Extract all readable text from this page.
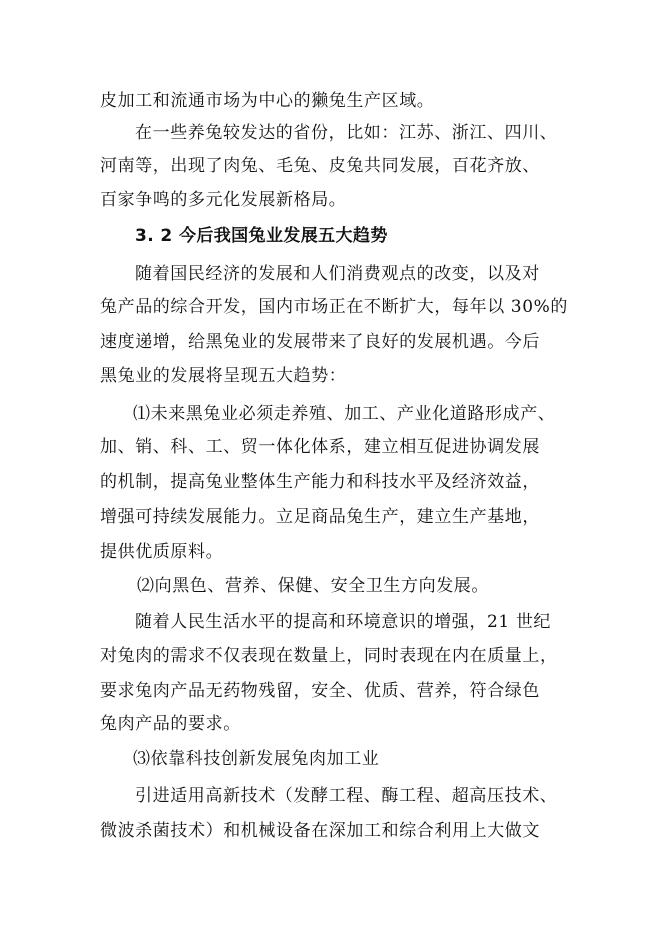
皮加工和流通市场为中心的獭兔生产区域。
在一些养兔较发达的省份，比如：江苏、浙江、四川、
河南等，出现了肉兔、毛兔、皮兔共同发展，百花齐放、
百家争鸣的多元化发展新格局。
3. 2 今后我国兔业发展五大趋势
随着国民经济的发展和人们消费观点的改变，以及对
兔产品的综合开发，国内市场正在不断扩大，每年以 30%的
速度递增，给黑兔业的发展带来了良好的发展机遇。今后
黑兔业的发展将呈现五大趋势：
⑴未来黑兔业必须走养殖、加工、产业化道路形成产、
加、销、科、工、贸一体化体系，建立相互促进协调发展
的机制，提高兔业整体生产能力和科技水平及经济效益，
增强可持续发展能力。立足商品兔生产，建立生产基地，
提供优质原料。
⑵向黑色、营养、保健、安全卫生方向发展。
随着人民生活水平的提高和环境意识的增强，21 世纪
对兔肉的需求不仅表现在数量上，同时表现在内在质量上，
要求兔肉产品无药物残留，安全、优质、营养，符合绿色
兔肉产品的要求。
⑶依靠科技创新发展兔肉加工业
引进适用高新技术（发酵工程、酶工程、超高压技术、
微波杀菌技术）和机械设备在深加工和综合利用上大做文
